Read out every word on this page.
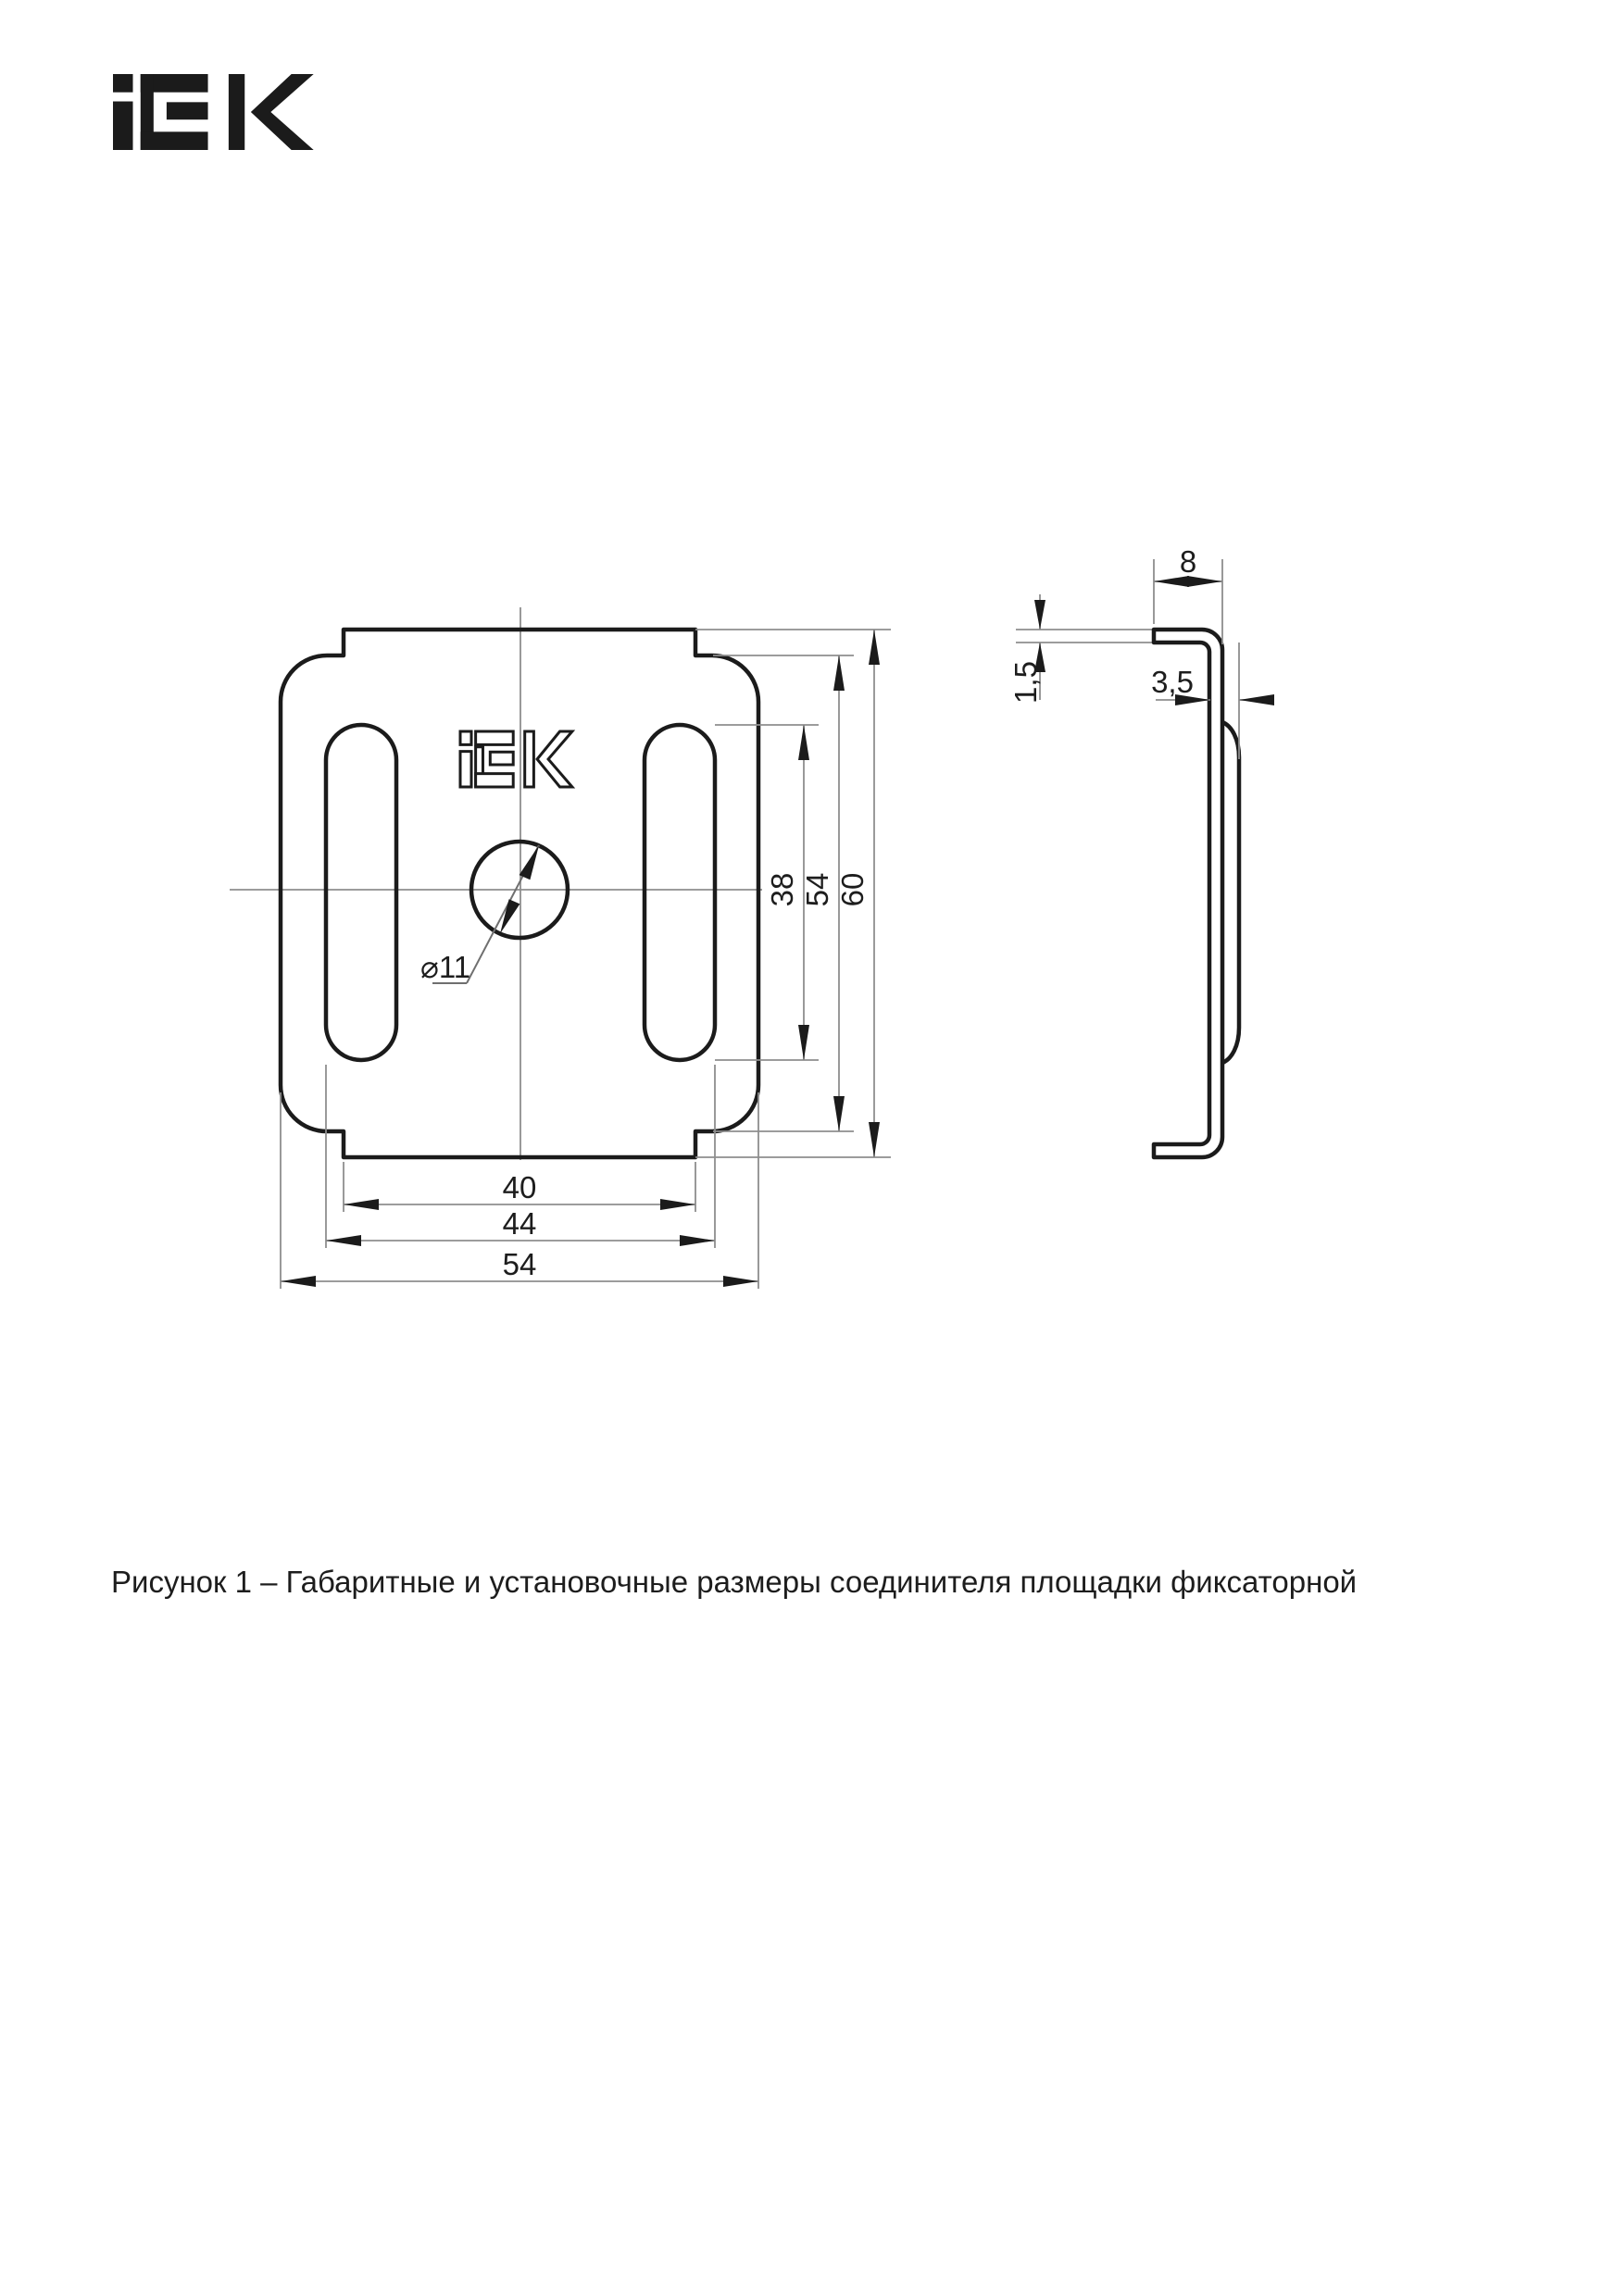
⌀11
38 54 60
40
44
54
8
1,5	3,5
Рисунок 1 – Габаритные и установочные размеры соединителя площадки фиксаторной
